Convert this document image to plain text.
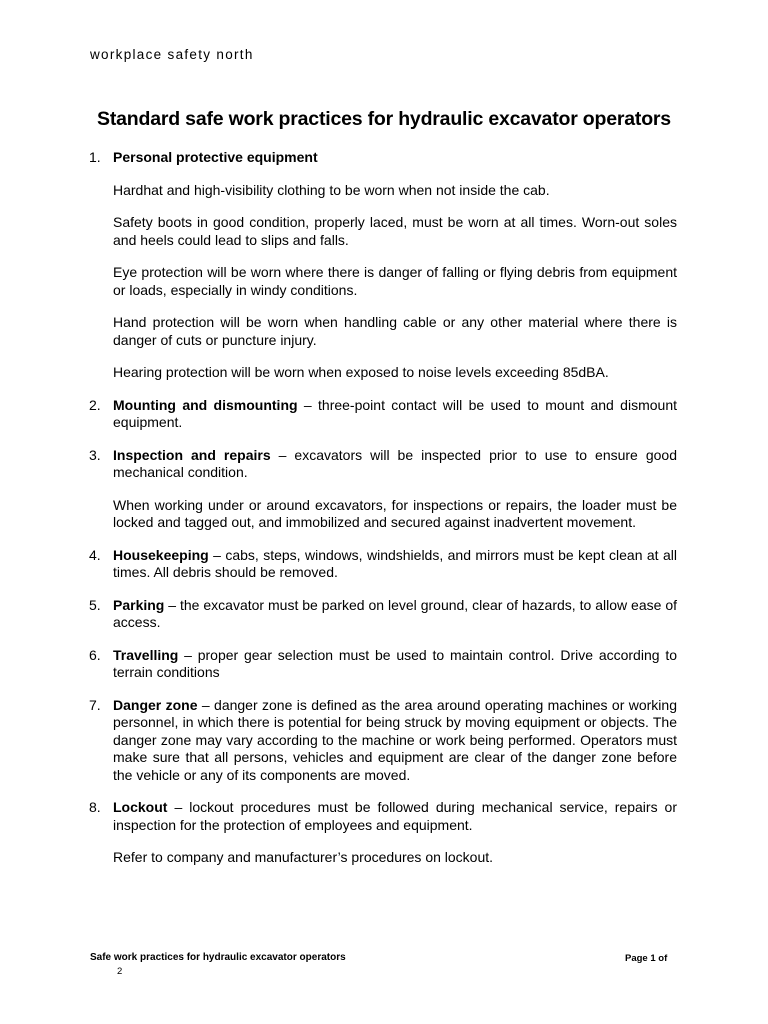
workplace safety north
Standard safe work practices for hydraulic excavator operators
1. Personal protective equipment

Hardhat and high-visibility clothing to be worn when not inside the cab.

Safety boots in good condition, properly laced, must be worn at all times. Worn-out soles and heels could lead to slips and falls.

Eye protection will be worn where there is danger of falling or flying debris from equipment or loads, especially in windy conditions.

Hand protection will be worn when handling cable or any other material where there is danger of cuts or puncture injury.

Hearing protection will be worn when exposed to noise levels exceeding 85dBA.

2. Mounting and dismounting – three-point contact will be used to mount and dismount equipment.

3. Inspection and repairs – excavators will be inspected prior to use to ensure good mechanical condition.

When working under or around excavators, for inspections or repairs, the loader must be locked and tagged out, and immobilized and secured against inadvertent movement.

4. Housekeeping – cabs, steps, windows, windshields, and mirrors must be kept clean at all times. All debris should be removed.

5. Parking – the excavator must be parked on level ground, clear of hazards, to allow ease of access.

6. Travelling – proper gear selection must be used to maintain control. Drive according to terrain conditions

7. Danger zone – danger zone is defined as the area around operating machines or working personnel, in which there is potential for being struck by moving equipment or objects. The danger zone may vary according to the machine or work being performed. Operators must make sure that all persons, vehicles and equipment are clear of the danger zone before the vehicle or any of its components are moved.

8. Lockout – lockout procedures must be followed during mechanical service, repairs or inspection for the protection of employees and equipment.

Refer to company and manufacturer’s procedures on lockout.

Safe work practices for hydraulic excavator operators	Page 1 of
2
